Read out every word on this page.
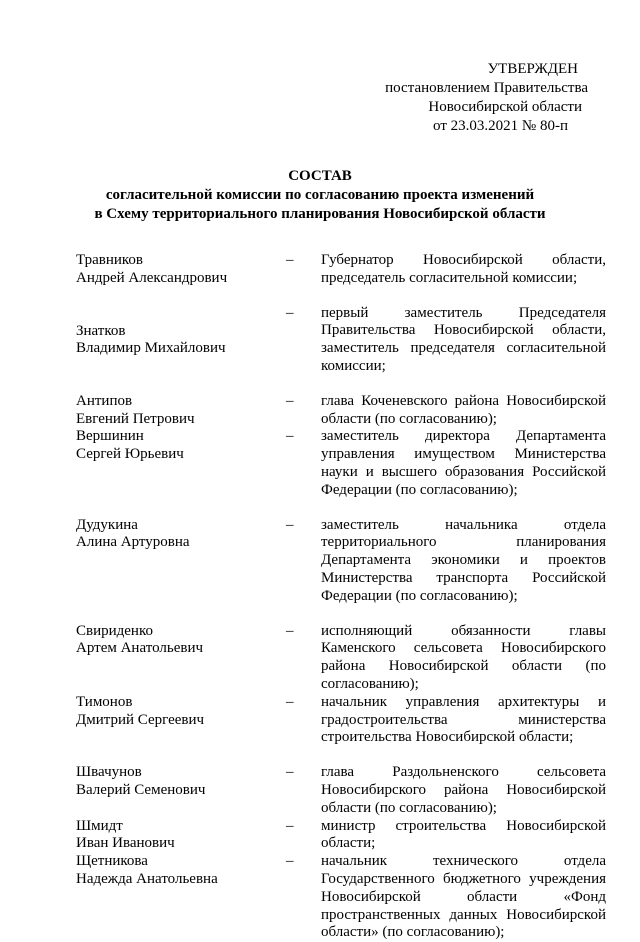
УТВЕРЖДЕН
постановлением Правительства
Новосибирской области
от 23.03.2021 № 80-п
СОСТАВ
согласительной комиссии по согласованию проекта изменений
в Схему территориального планирования Новосибирской области
Травников
Андрей Александрович	–	Губернатор Новосибирской области, председатель согласительной комиссии;
Знатков
Владимир Михайлович	–	первый заместитель Председателя Правительства Новосибирской области, заместитель председателя согласительной комиссии;
Антипов
Евгений Петрович	–	глава Коченевского района Новосибирской области (по согласованию);
Вершинин
Сергей Юрьевич	–	заместитель директора Департамента управления имуществом Министерства науки и высшего образования Российской Федерации (по согласованию);
Дудукина
Алина Артуровна	–	заместитель начальника отдела территориального планирования Департамента экономики и проектов Министерства транспорта Российской Федерации (по согласованию);
Свириденко
Артем Анатольевич	–	исполняющий обязанности главы Каменского сельсовета Новосибирского района Новосибирской области (по согласованию);
Тимонов
Дмитрий Сергеевич	–	начальник управления архитектуры и градостроительства министерства строительства Новосибирской области;
Швачунов
Валерий Семенович	–	глава Раздольненского сельсовета Новосибирского района Новосибирской области (по согласованию);
Шмидт
Иван Иванович	–	министр строительства Новосибирской области;
Щетникова
Надежда Анатольевна	–	начальник технического отдела Государственного бюджетного учреждения Новосибирской области «Фонд пространственных данных Новосибирской области» (по согласованию);
